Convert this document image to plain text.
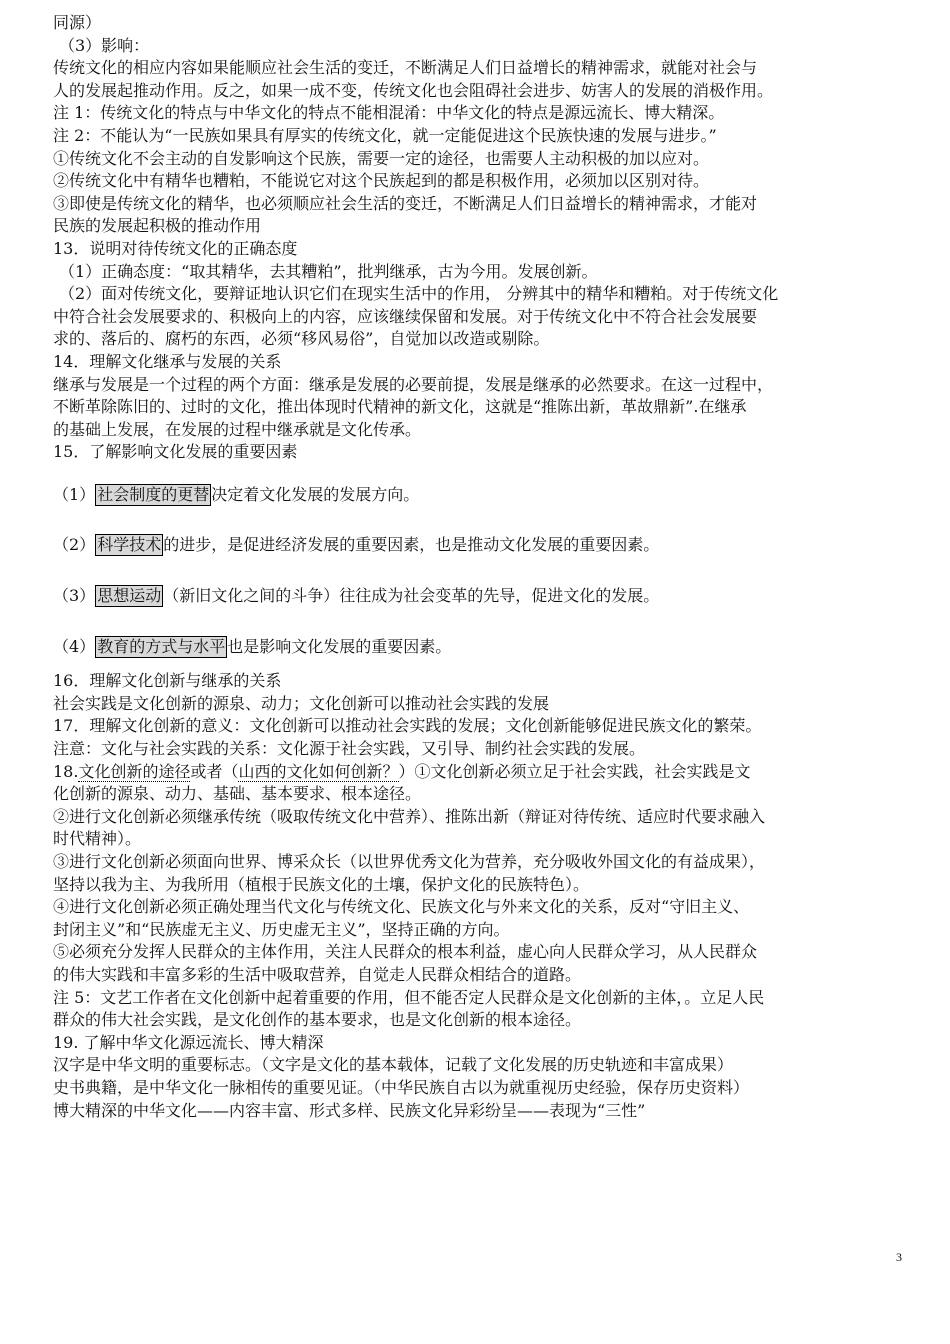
同源）
（3）影响：
传统文化的相应内容如果能顺应社会生活的变迁，不断满足人们日益增长的精神需求，就能对社会与
人的发展起推动作用。反之，如果一成不变，传统文化也会阻碍社会进步、妨害人的发展的消极作用。
注 1：传统文化的特点与中华文化的特点不能相混淆：中华文化的特点是源远流长、博大精深。
注 2：不能认为“一民族如果具有厚实的传统文化，就一定能促进这个民族快速的发展与进步。”
①传统文化不会主动的自发影响这个民族，需要一定的途径，也需要人主动积极的加以应对。
②传统文化中有精华也糟粕，不能说它对这个民族起到的都是积极作用，必须加以区别对待。
③即使是传统文化的精华，也必须顺应社会生活的变迁，不断满足人们日益增长的精神需求，才能对
民族的发展起积极的推动作用
13．说明对待传统文化的正确态度
（1）正确态度：“取其精华，去其糟粕”，批判继承，古为今用。发展创新。
（2）面对传统文化，要辩证地认识它们在现实生活中的作用， 分辨其中的精华和糟粕。对于传统文化
中符合社会发展要求的、积极向上的内容，应该继续保留和发展。对于传统文化中不符合社会发展要
求的、落后的、腐朽的东西，必须“移风易俗”，自觉加以改造或剔除。
14．理解文化继承与发展的关系
继承与发展是一个过程的两个方面：继承是发展的必要前提，发展是继承的必然要求。在这一过程中，
不断革除陈旧的、过时的文化，推出体现时代精神的新文化，这就是“推陈出新，革故鼎新”.在继承
的基础上发展，在发展的过程中继承就是文化传承。
15．了解影响文化发展的重要因素
（1） 社会制度的更替 决定着文化发展的发展方向。
（2） 科学技术 的进步，是促进经济发展的重要因素，也是推动文化发展的重要因素。
（3） 思想运动 （新旧文化之间的斗争）往往成为社会变革的先导，促进文化的发展。
（4） 教育的方式与水平 也是影响文化发展的重要因素。
16．理解文化创新与继承的关系
社会实践是文化创新的源泉、动力；文化创新可以推动社会实践的发展
17．理解文化创新的意义：文化创新可以推动社会实践的发展；文化创新能够促进民族文化的繁荣。
注意：文化与社会实践的关系：文化源于社会实践，又引导、制约社会实践的发展。
18.文化创新的途径或者（山西的文化如何创新？）①文化创新必须立足于社会实践，社会实践是文
化创新的源泉、动力、基础、基本要求、根本途径。
②进行文化创新必须继承传统（吸取传统文化中营养）、推陈出新（辩证对待传统、适应时代要求融入
时代精神）。
③进行文化创新必须面向世界、博采众长（以世界优秀文化为营养，充分吸收外国文化的有益成果），
坚持以我为主、为我所用（植根于民族文化的土壤，保护文化的民族特色）。
④进行文化创新必须正确处理当代文化与传统文化、民族文化与外来文化的关系，反对“守旧主义、
封闭主义”和“民族虚无主义、历史虚无主义”，坚持正确的方向。
⑤必须充分发挥人民群众的主体作用，关注人民群众的根本利益，虚心向人民群众学习，从人民群众
的伟大实践和丰富多彩的生活中吸取营养，自觉走人民群众相结合的道路。
注 5：文艺工作者在文化创新中起着重要的作用，但不能否定人民群众是文化创新的主体，。立足人民
群众的伟大社会实践，是文化创作的基本要求，也是文化创新的根本途径。
19. 了解中华文化源远流长、博大精深
汉字是中华文明的重要标志。（文字是文化的基本载体，记载了文化发展的历史轨迹和丰富成果）
史书典籍，是中华文化一脉相传的重要见证。（中华民族自古以为就重视历史经验，保存历史资料）
博大精深的中华文化——内容丰富、形式多样、民族文化异彩纷呈——表现为“三性”
3
